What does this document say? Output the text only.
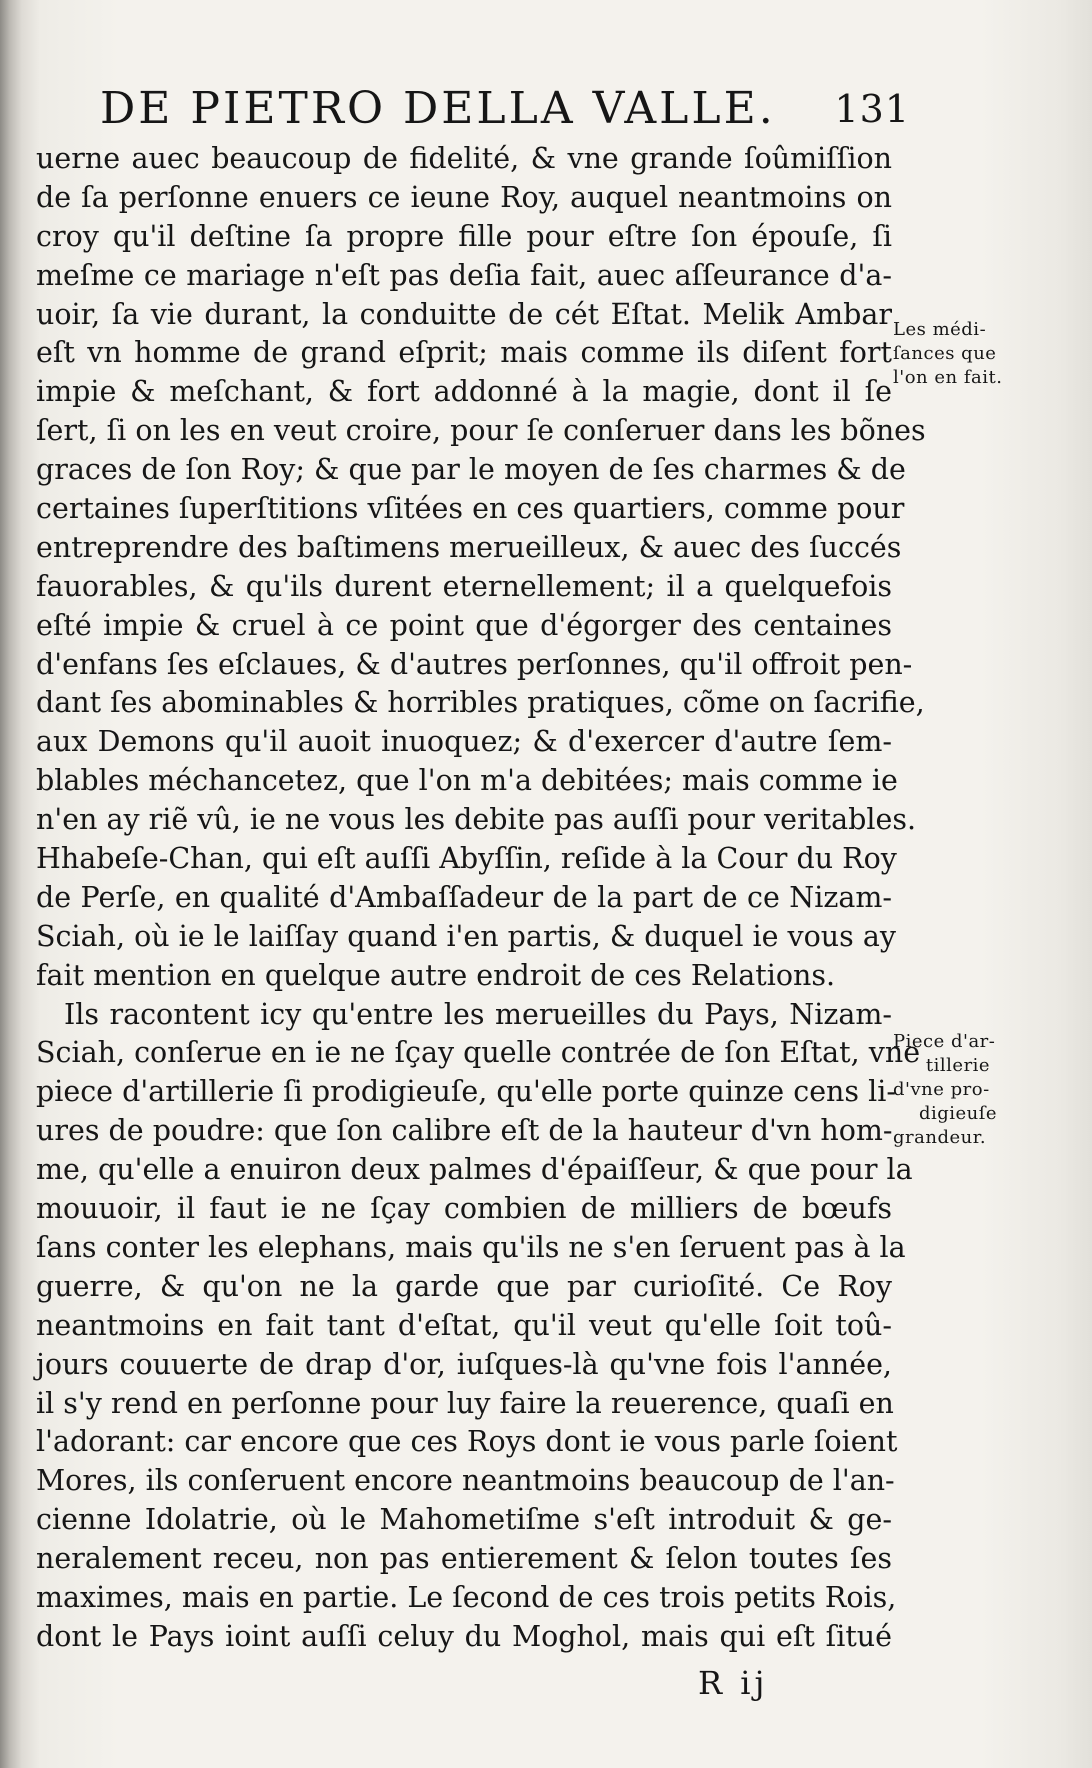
DE PIETRO DELLA VALLE. 131
uerne auec beaucoup de fidelité, & vne grande ſoûmiſſion
de ſa perſonne enuers ce ieune Roy, auquel neantmoins on
croy qu'il deſtine ſa propre fille pour eſtre ſon épouſe, ſi
meſme ce mariage n'eſt pas deſia fait, auec aſſeurance d'a-
uoir, ſa vie durant, la conduitte de cét Eſtat. Melik Ambar
eſt vn homme de grand eſprit; mais comme ils diſent fort
impie & meſchant, & fort addonné à la magie, dont il ſe
ſert, ſi on les en veut croire, pour ſe conſeruer dans les bõnes
graces de ſon Roy; & que par le moyen de ſes charmes & de
certaines ſuperſtitions vſitées en ces quartiers, comme pour
entreprendre des baſtimens merueilleux, & auec des ſuccés
fauorables, & qu'ils durent eternellement; il a quelquefois
eſté impie & cruel à ce point que d'égorger des centaines
d'enfans ſes eſclaues, & d'autres perſonnes, qu'il offroit pen-
dant ſes abominables & horribles pratiques, cõme on ſacrifie,
aux Demons qu'il auoit inuoquez; & d'exercer d'autre ſem-
blables méchancetez, que l'on m'a debitées; mais comme ie
n'en ay riẽ vû, ie ne vous les debite pas auſſi pour veritables.
Hhabeſe-Chan, qui eſt auſſi Abyſſin, reſide à la Cour du Roy
de Perſe, en qualité d'Ambaſſadeur de la part de ce Nizam-
Sciah, où ie le laiſſay quand i'en partis, & duquel ie vous ay
fait mention en quelque autre endroit de ces Relations.
Ils racontent icy qu'entre les merueilles du Pays, Nizam-
Sciah, conſerue en ie ne ſçay quelle contrée de ſon Eſtat, vne
piece d'artillerie ſi prodigieuſe, qu'elle porte quinze cens li-
ures de poudre: que ſon calibre eſt de la hauteur d'vn hom-
me, qu'elle a enuiron deux palmes d'épaiſſeur, & que pour la
mouuoir, il faut ie ne ſçay combien de milliers de bœufs
ſans conter les elephans, mais qu'ils ne s'en ſeruent pas à la
guerre, & qu'on ne la garde que par curioſité. Ce Roy
neantmoins en fait tant d'eſtat, qu'il veut qu'elle ſoit toû-
jours couuerte de drap d'or, iuſques-là qu'vne fois l'année,
il s'y rend en perſonne pour luy faire la reuerence, quaſi en
l'adorant: car encore que ces Roys dont ie vous parle ſoient
Mores, ils conſeruent encore neantmoins beaucoup de l'an-
cienne Idolatrie, où le Mahometiſme s'eſt introduit & ge-
neralement receu, non pas entierement & ſelon toutes ſes
maximes, mais en partie. Le ſecond de ces trois petits Rois,
dont le Pays ioint auſſi celuy du Moghol, mais qui eſt ſitué
Les médi-
ſances que
l'on en fait.
Piece d'ar-
tillerie
d'vne pro-
digieuſe
grandeur.
R ij
